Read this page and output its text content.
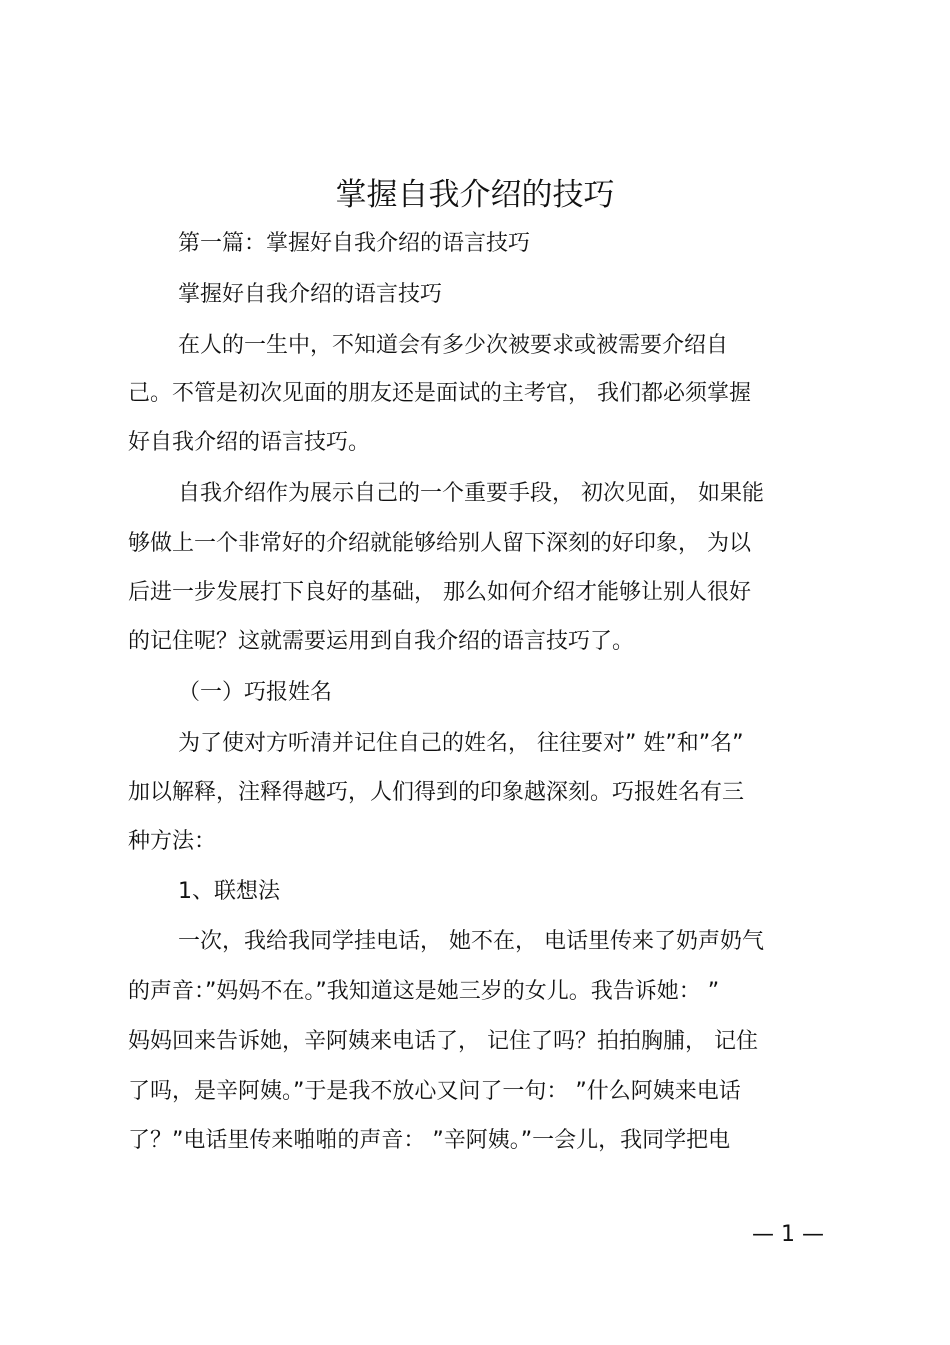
掌握自我介绍的技巧
第一篇：掌握好自我介绍的语言技巧
掌握好自我介绍的语言技巧
在人的一生中，不知道会有多少次被要求或被需要介绍自
己。不管是初次见面的朋友还是面试的主考官， 我们都必须掌握
好自我介绍的语言技巧。
自我介绍作为展示自己的一个重要手段， 初次见面， 如果能
够做上一个非常好的介绍就能够给别人留下深刻的好印象， 为以
后进一步发展打下良好的基础， 那么如何介绍才能够让别人很好
的记住呢？这就需要运用到自我介绍的语言技巧了。
（一）巧报姓名
为了使对方听清并记住自己的姓名， 往往要对” 姓”和”名”
加以解释，注释得越巧，人们得到的印象越深刻。巧报姓名有三
种方法：
1、联想法
一次，我给我同学挂电话， 她不在， 电话里传来了奶声奶气
的声音：”妈妈不在。”我知道这是她三岁的女儿。我告诉她： ”
妈妈回来告诉她，辛阿姨来电话了， 记住了吗？拍拍胸脯， 记住
了吗，是辛阿姨。”于是我不放心又问了一句： ”什么阿姨来电话
了？”电话里传来啪啪的声音： ”辛阿姨。”一会儿，我同学把电
— 1 —
